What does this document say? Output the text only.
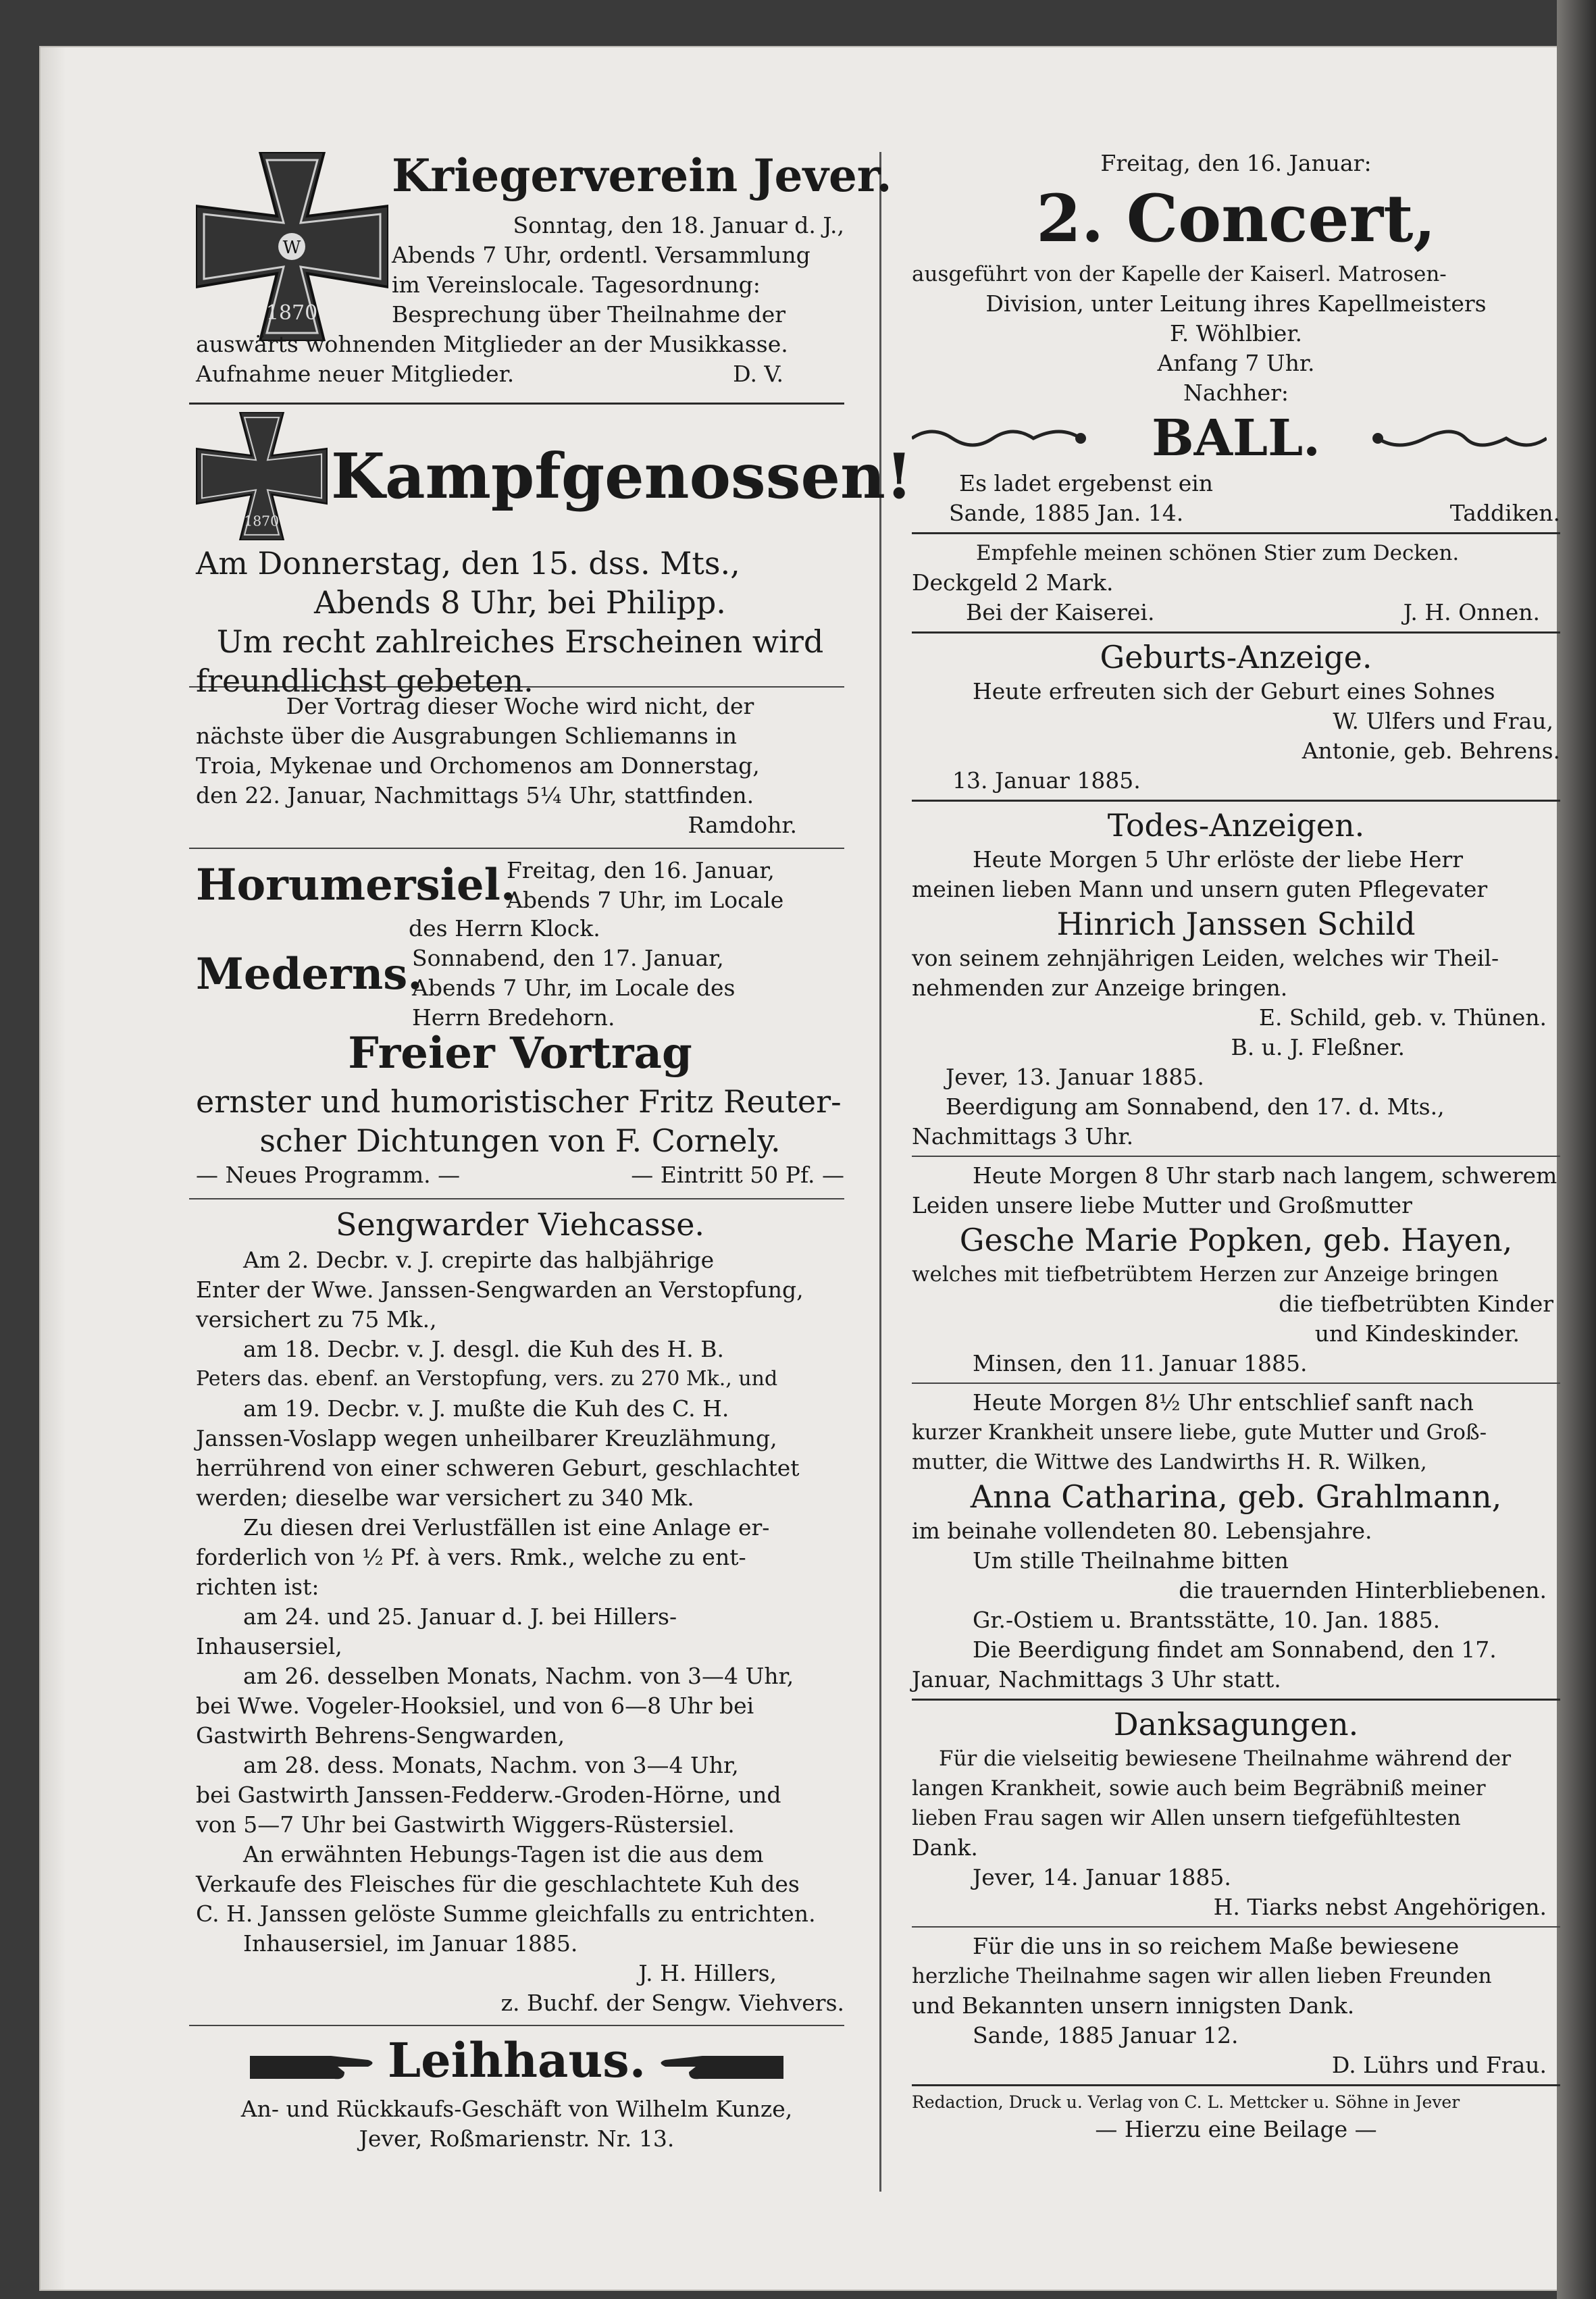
W
1870
Kriegerverein Jever.
Sonntag, den 18. Januar d. J.,
Abends 7 Uhr, ordentl. Versammlung
im Vereinslocale. Tagesordnung:
Besprechung über Theilnahme der
auswärts wohnenden Mitglieder an der Musikkasse.
Aufnahme neuer Mitglieder.	D. V.
1870
Kampfgenossen!
Am Donnerstag, den 15. dss. Mts.,
Abends 8 Uhr, bei Philipp.
Um recht zahlreiches Erscheinen wird
freundlichst gebeten.
Der Vortrag dieser Woche wird nicht, der
nächste über die Ausgrabungen Schliemanns in
Troia, Mykenae und Orchomenos am Donnerstag,
den 22. Januar, Nachmittags 5¼ Uhr, stattfinden.
Ramdohr.
Horumersiel.
Freitag, den 16. Januar,
Abends 7 Uhr, im Locale
des Herrn Klock.
Mederns.
Sonnabend, den 17. Januar,
Abends 7 Uhr, im Locale des
Herrn Bredehorn.
Freier Vortrag
ernster und humoristischer Fritz Reuter-
scher Dichtungen von F. Cornely.
— Neues Programm. —	— Eintritt 50 Pf. —
Sengwarder Viehcasse.
Am 2. Decbr. v. J. crepirte das halbjährige
Enter der Wwe. Janssen-Sengwarden an Verstopfung,
versichert zu 75 Mk.,
am 18. Decbr. v. J. desgl. die Kuh des H. B.
Peters das. ebenf. an Verstopfung, vers. zu 270 Mk., und
am 19. Decbr. v. J. mußte die Kuh des C. H.
Janssen-Voslapp wegen unheilbarer Kreuzlähmung,
herrührend von einer schweren Geburt, geschlachtet
werden; dieselbe war versichert zu 340 Mk.
Zu diesen drei Verlustfällen ist eine Anlage er-
forderlich von ½ Pf. à vers. Rmk., welche zu ent-
richten ist:
am 24. und 25. Januar d. J. bei Hillers-
Inhausersiel,
am 26. desselben Monats, Nachm. von 3—4 Uhr,
bei Wwe. Vogeler-Hooksiel, und von 6—8 Uhr bei
Gastwirth Behrens-Sengwarden,
am 28. dess. Monats, Nachm. von 3—4 Uhr,
bei Gastwirth Janssen-Fedderw.-Groden-Hörne, und
von 5—7 Uhr bei Gastwirth Wiggers-Rüstersiel.
An erwähnten Hebungs-Tagen ist die aus dem
Verkaufe des Fleisches für die geschlachtete Kuh des
C. H. Janssen gelöste Summe gleichfalls zu entrichten.
Inhausersiel, im Januar 1885.
J. H. Hillers,
z. Buchf. der Sengw. Viehvers.
Leihhaus.
An- und Rückkaufs-Geschäft von Wilhelm Kunze,
Jever, Roßmarienstr. Nr. 13.
Freitag, den 16. Januar:
2. Concert,
ausgeführt von der Kapelle der Kaiserl. Matrosen-
Division, unter Leitung ihres Kapellmeisters
F. Wöhlbier.
Anfang 7 Uhr.
Nachher:
BALL.
Es ladet ergebenst ein
Sande, 1885 Jan. 14.	Taddiken.
Empfehle meinen schönen Stier zum Decken.
Deckgeld 2 Mark.
Bei der Kaiserei.	J. H. Onnen.
Geburts-Anzeige.
Heute erfreuten sich der Geburt eines Sohnes
W. Ulfers und Frau,
Antonie, geb. Behrens.
13. Januar 1885.
Todes-Anzeigen.
Heute Morgen 5 Uhr erlöste der liebe Herr
meinen lieben Mann und unsern guten Pflegevater
Hinrich Janssen Schild
von seinem zehnjährigen Leiden, welches wir Theil-
nehmenden zur Anzeige bringen.
E. Schild, geb. v. Thünen.
B. u. J. Fleßner.
Jever, 13. Januar 1885.
Beerdigung am Sonnabend, den 17. d. Mts.,
Nachmittags 3 Uhr.
Heute Morgen 8 Uhr starb nach langem, schwerem
Leiden unsere liebe Mutter und Großmutter
Gesche Marie Popken, geb. Hayen,
welches mit tiefbetrübtem Herzen zur Anzeige bringen
die tiefbetrübten Kinder
und Kindeskinder.
Minsen, den 11. Januar 1885.
Heute Morgen 8½ Uhr entschlief sanft nach
kurzer Krankheit unsere liebe, gute Mutter und Groß-
mutter, die Wittwe des Landwirths H. R. Wilken,
Anna Catharina, geb. Grahlmann,
im beinahe vollendeten 80. Lebensjahre.
Um stille Theilnahme bitten
die trauernden Hinterbliebenen.
Gr.-Ostiem u. Brantsstätte, 10. Jan. 1885.
Die Beerdigung findet am Sonnabend, den 17.
Januar, Nachmittags 3 Uhr statt.
Danksagungen.
Für die vielseitig bewiesene Theilnahme während der
langen Krankheit, sowie auch beim Begräbniß meiner
lieben Frau sagen wir Allen unsern tiefgefühltesten
Dank.
Jever, 14. Januar 1885.
H. Tiarks nebst Angehörigen.
Für die uns in so reichem Maße bewiesene
herzliche Theilnahme sagen wir allen lieben Freunden
und Bekannten unsern innigsten Dank.
Sande, 1885 Januar 12.
D. Lührs und Frau.
Redaction, Druck u. Verlag von C. L. Mettcker u. Söhne in Jever
— Hierzu eine Beilage —
